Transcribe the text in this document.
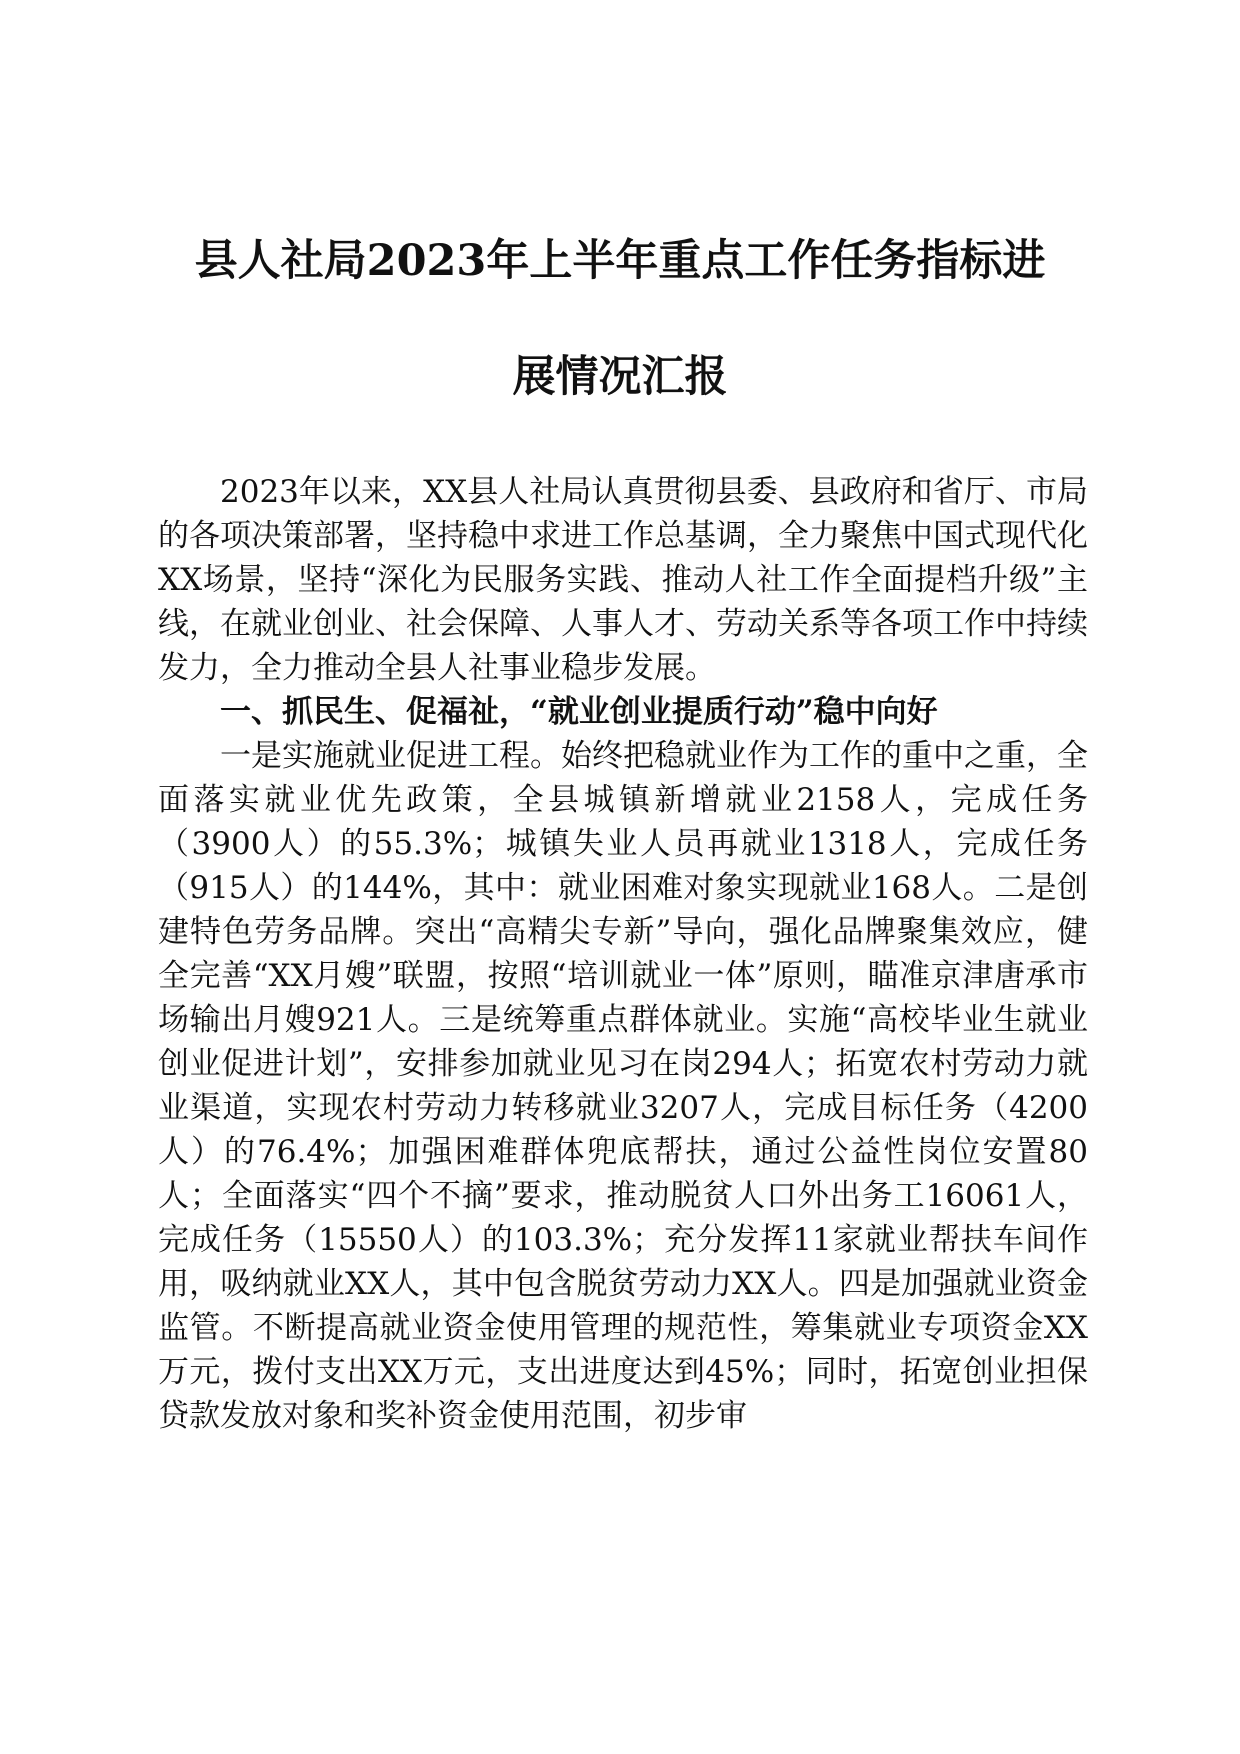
县人社局2023年上半年重点工作任务指标进
展情况汇报

2023年以来，XX县人社局认真贯彻县委、县政府和省厅、市局的各项决策部署，坚持稳中求进工作总基调，全力聚焦中国式现代化XX场景，坚持“深化为民服务实践、推动人社工作全面提档升级”主线，在就业创业、社会保障、人事人才、劳动关系等各项工作中持续发力，全力推动全县人社事业稳步发展。

一、抓民生、促福祉，“就业创业提质行动”稳中向好

一是实施就业促进工程。始终把稳就业作为工作的重中之重，全面落实就业优先政策，全县城镇新增就业2158人，完成任务（3900人）的55.3%；城镇失业人员再就业1318人，完成任务（915人）的144%，其中：就业困难对象实现就业168人。二是创建特色劳务品牌。突出“高精尖专新”导向，强化品牌聚集效应，健全完善“XX月嫂”联盟，按照“培训就业一体”原则，瞄准京津唐承市场输出月嫂921人。三是统筹重点群体就业。实施“高校毕业生就业创业促进计划”，安排参加就业见习在岗294人；拓宽农村劳动力就业渠道，实现农村劳动力转移就业3207人，完成目标任务（4200人）的76.4%；加强困难群体兜底帮扶，通过公益性岗位安置80人；全面落实“四个不摘”要求，推动脱贫人口外出务工16061人，完成任务（15550人）的103.3%；充分发挥11家就业帮扶车间作用，吸纳就业XX人，其中包含脱贫劳动力XX人。四是加强就业资金监管。不断提高就业资金使用管理的规范性，筹集就业专项资金XX万元，拨付支出XX万元，支出进度达到45%；同时，拓宽创业担保贷款发放对象和奖补资金使用范围，初步审
